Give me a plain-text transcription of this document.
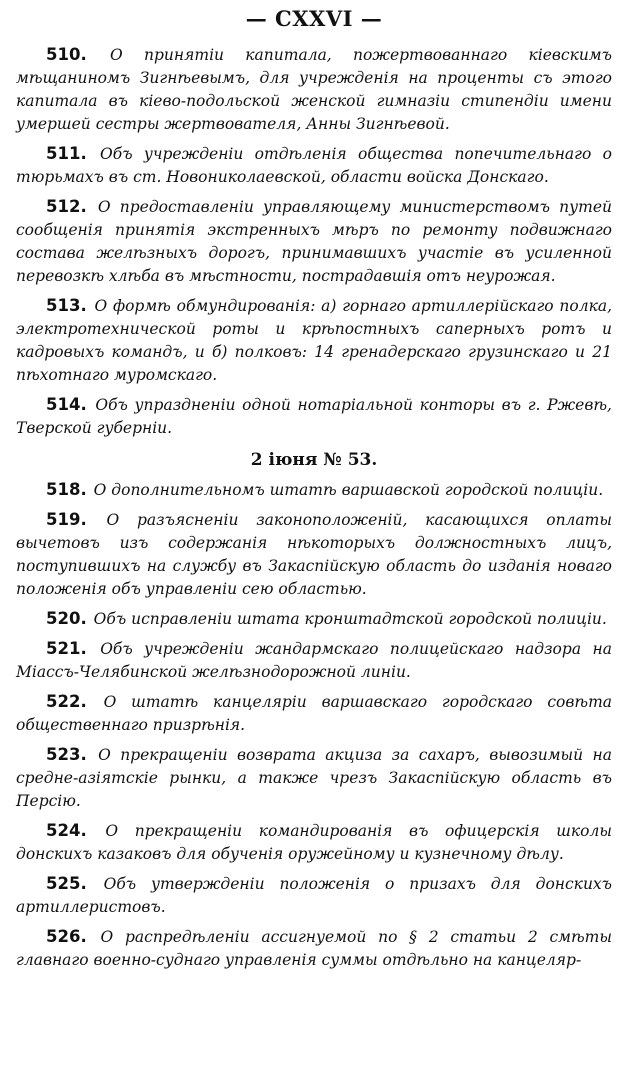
— CXXVI —
510. О принятіи капитала, пожертвованнаго кіевскимъ мѣщаниномъ Зигнѣевымъ, для учрежденія на проценты съ этого капитала въ кіево-подольской женской гимназіи стипендіи имени умершей сестры жертвователя, Анны Зигнѣевой.
511. Объ учрежденіи отдѣленія общества попечительнаго о тюрьмахъ въ ст. Новониколаевской, области войска Донскаго.
512. О предоставленіи управляющему министерствомъ путей сообщенія принятія экстренныхъ мѣръ по ремонту подвижнаго состава желѣзныхъ дорогъ, принимавшихъ участіе въ усиленной перевозкѣ хлѣба въ мѣстности, пострадавшія отъ неурожая.
513. О формѣ обмундированія: а) горнаго артиллерійскаго полка, электротехнической роты и крѣпостныхъ саперныхъ ротъ и кадровыхъ командъ, и б) полковъ: 14 гренадерскаго грузинскаго и 21 пѣхотнаго муромскаго.
514. Объ упраздненіи одной нотаріальной конторы въ г. Ржевѣ, Тверской губерніи.
2 іюня № 53.
518. О дополнительномъ штатѣ варшавской городской полиціи.
519. О разъясненіи законоположеній, касающихся оплаты вычетовъ изъ содержанія нѣкоторыхъ должностныхъ лицъ, поступившихъ на службу въ Закаспійскую область до изданія новаго положенія объ управленіи сею областью.
520. Объ исправленіи штата кронштадтской городской полиціи.
521. Объ учрежденіи жандармскаго полицейскаго надзора на Міассъ-Челябинской желѣзнодорожной линіи.
522. О штатѣ канцеляріи варшавскаго городскаго совѣта общественнаго призрѣнія.
523. О прекращеніи возврата акциза за сахаръ, вывозимый на средне-азіятскіе рынки, а также чрезъ Закаспійскую область въ Персію.
524. О прекращеніи командированія въ офицерскія школы донскихъ казаковъ для обученія оружейному и кузнечному дѣлу.
525. Объ утвержденіи положенія о призахъ для донскихъ артиллеристовъ.
526. О распредѣленіи ассигнуемой по § 2 статьи 2 смѣты главнаго военно-суднаго управленія суммы отдѣльно на канцеляр-
